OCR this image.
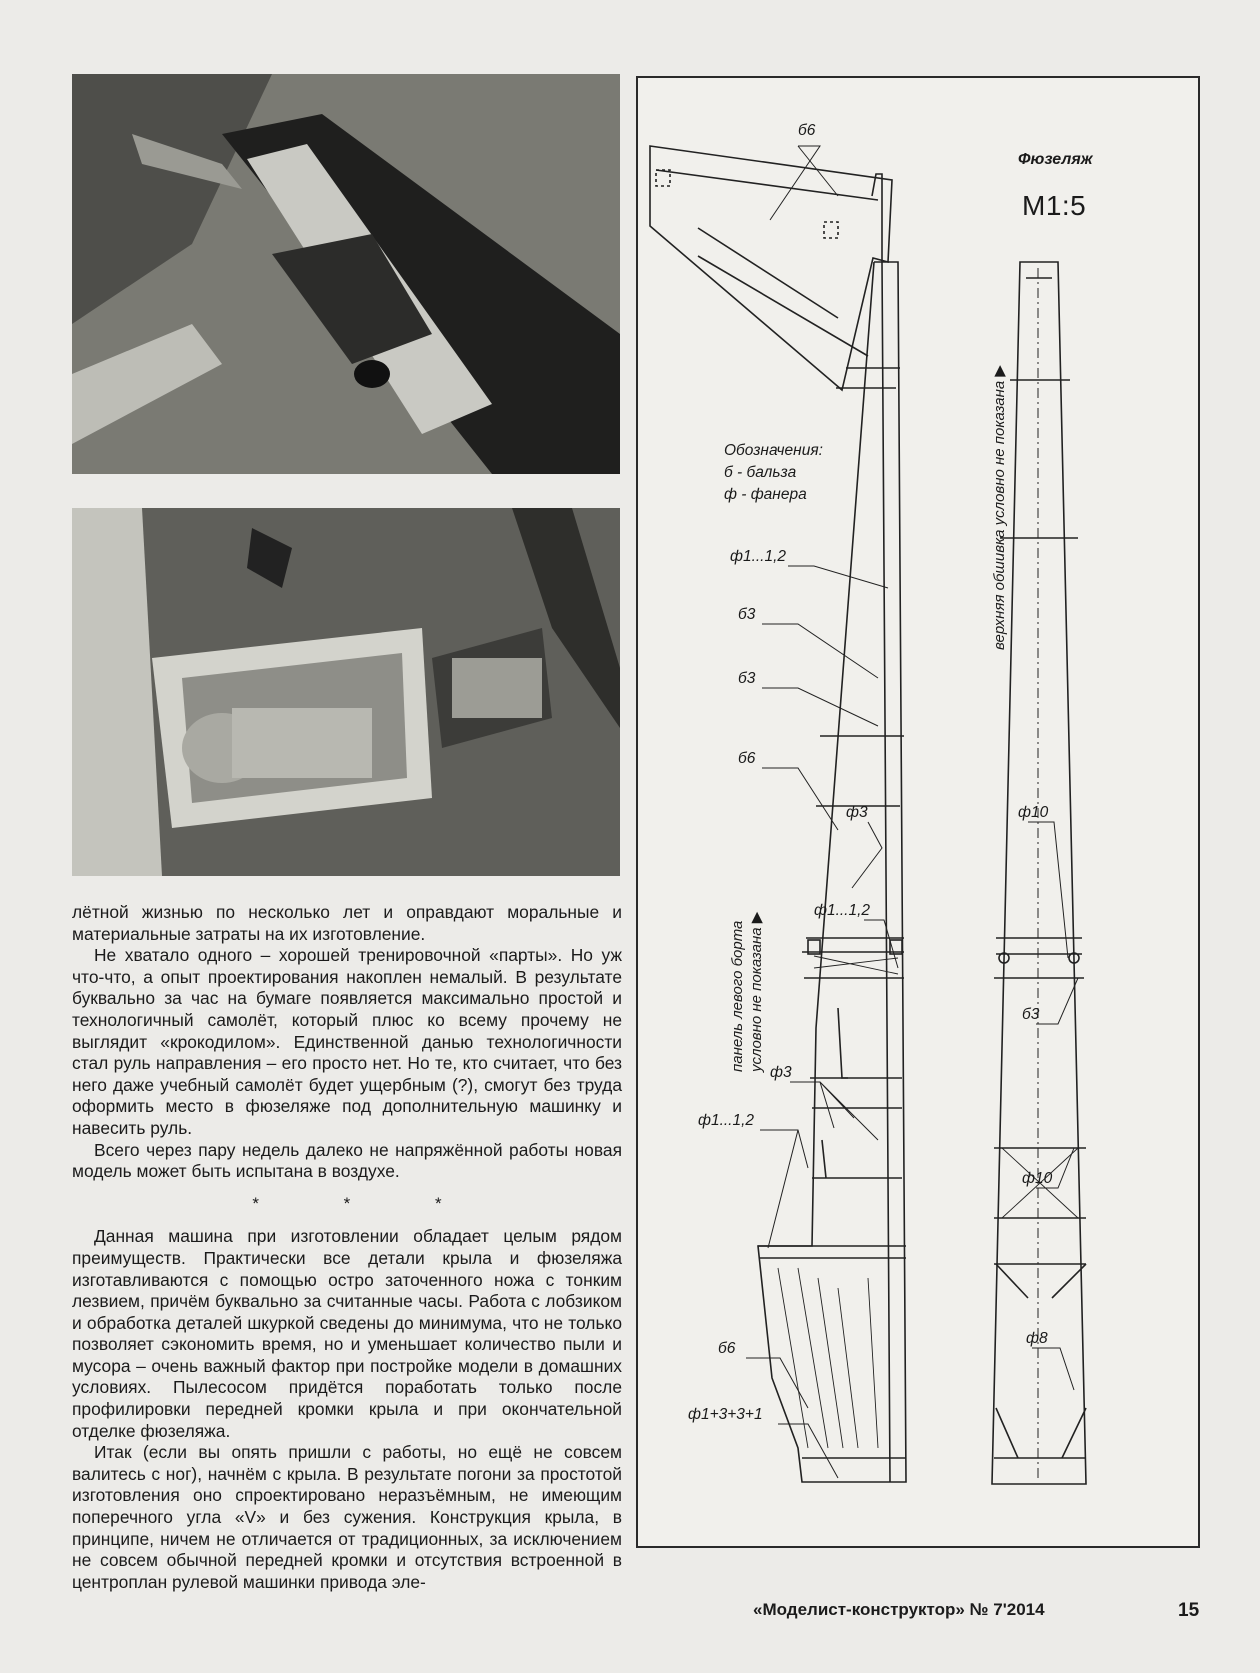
лётной жизнью по несколько лет и оправдают моральные и материальные затраты на их изготовление.

Не хватало одного – хорошей тренировочной «парты». Но уж что-что, а опыт проектирования накоплен немалый. В результате буквально за час на бумаге появляется максимально простой и технологичный самолёт, который плюс ко всему прочему не выглядит «крокодилом». Единственной данью технологичности стал руль направления – его просто нет. Но те, кто считает, что без него даже учебный самолёт будет ущербным (?), смогут без труда оформить место в фюзеляже под дополнительную машинку и навесить руль.

Всего через пару недель далеко не напряжённой работы новая модель может быть испытана в воздухе.

* * *

Данная машина при изготовлении обладает целым рядом преимуществ. Практически все детали крыла и фюзеляжа изготавливаются с помощью остро заточенного ножа с тонким лезвием, причём буквально за считанные часы. Работа с лобзиком и обработка деталей шкуркой сведены до минимума, что не только позволяет сэкономить время, но и уменьшает количество пыли и мусора – очень важный фактор при постройке модели в домашних условиях. Пылесосом придётся поработать только после профилировки передней кромки крыла и при окончательной отделке фюзеляжа.

Итак (если вы опять пришли с работы, но ещё не совсем валитесь с ног), начнём с крыла. В результате погони за простотой изготовления оно спроектировано неразъёмным, не имеющим поперечного угла «V» и без сужения. Конструкция крыла, в принципе, ничем не отличается от традиционных, за исключением не совсем обычной передней кромки и отсутствия встроенной в центроплан рулевой машинки привода эле-

Фюзеляж
М1:5
Обозначения:
б - бальза
ф - фанера	верхняя обшивка условно не показана ▶
панель левого борта условно не показана ▶
б6
ф1...1,2
б3
б3
б6
ф3
ф1...1,2
ф3
ф1...1,2
б6
ф1+3+3+1
ф10
б3
ф10
ф8
«Моделист-конструктор» № 7'2014	15
